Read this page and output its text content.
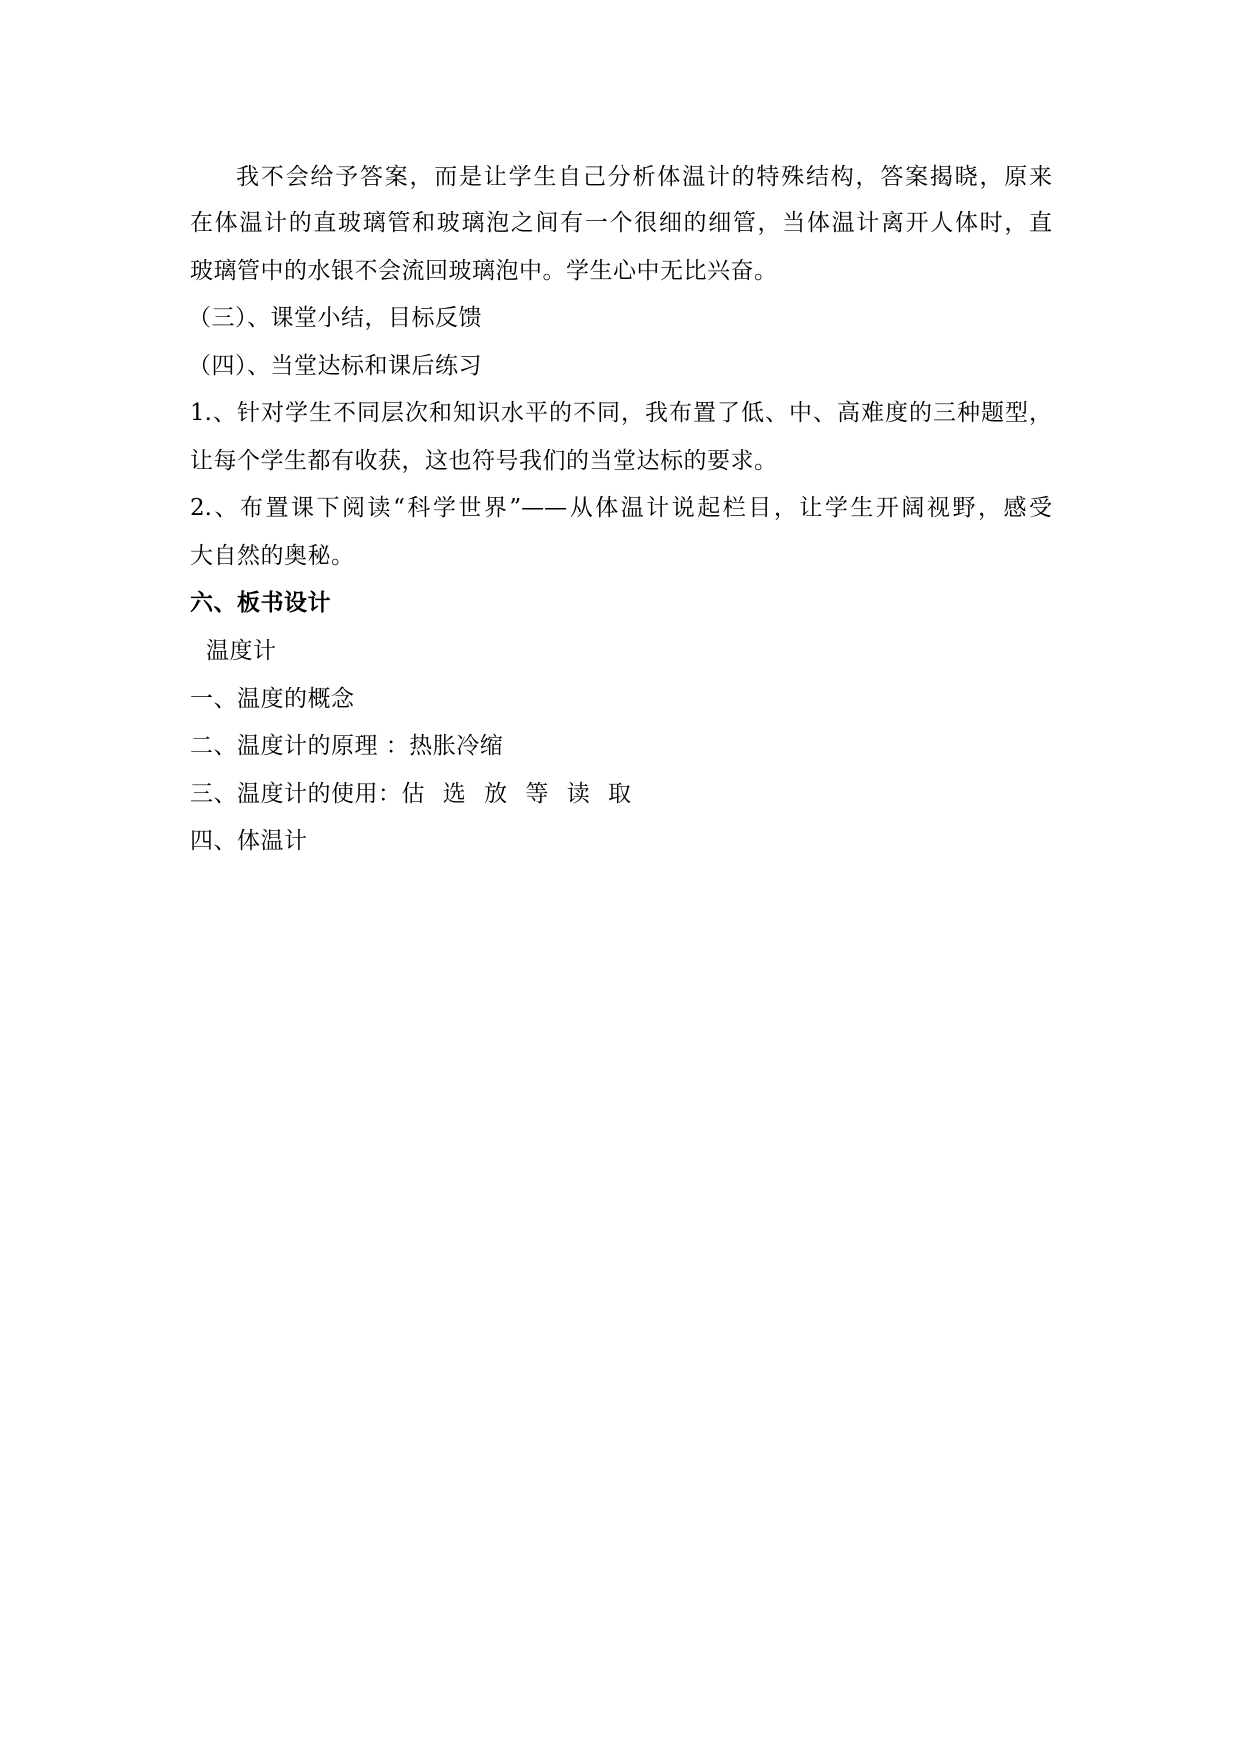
我不会给予答案，而是让学生自己分析体温计的特殊结构，答案揭晓，原来
在体温计的直玻璃管和玻璃泡之间有一个很细的细管，当体温计离开人体时，直
玻璃管中的水银不会流回玻璃泡中。学生心中无比兴奋。
（三）、课堂小结，目标反馈
（四）、当堂达标和课后练习
1.、针对学生不同层次和知识水平的不同，我布置了低、中、高难度的三种题型，
让每个学生都有收获，这也符号我们的当堂达标的要求。
2.、布置课下阅读“科学世界”——从体温计说起栏目，让学生开阔视野，感受
大自然的奥秘。
六、板书设计
温度计
一、温度的概念
二、温度计的原理 ：热胀冷缩
三、温度计的使用：估 选 放 等 读 取
四、体温计
